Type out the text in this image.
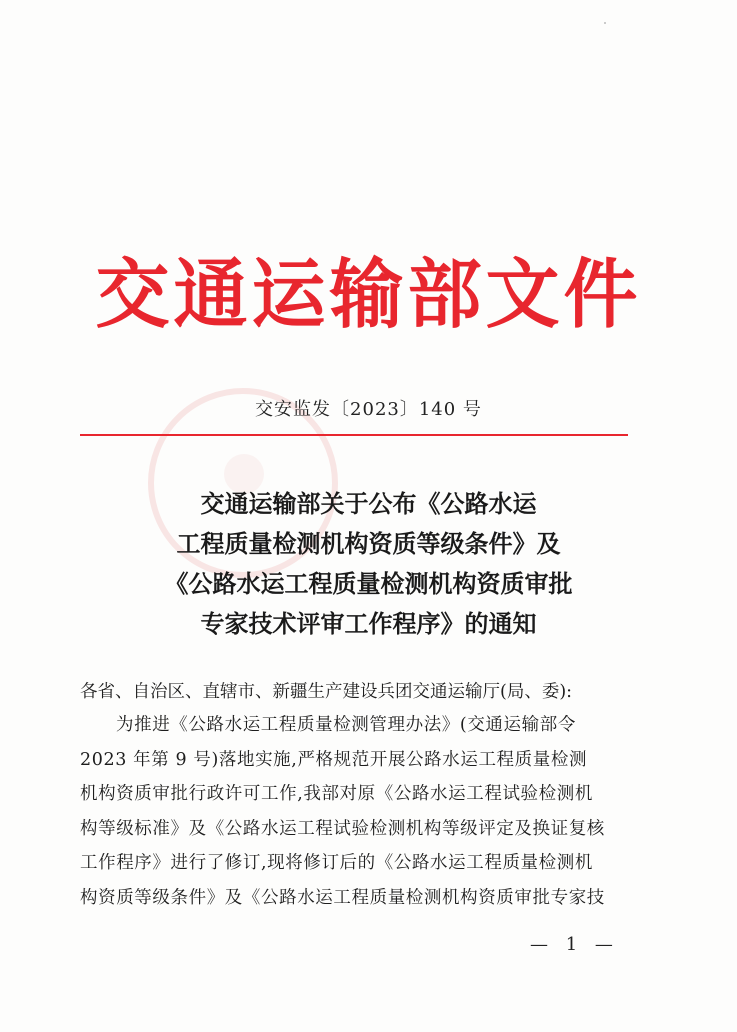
交通运输部文件
交安监发〔2023〕140 号
交通运输部关于公布《公路水运
工程质量检测机构资质等级条件》及
《公路水运工程质量检测机构资质审批
专家技术评审工作程序》的通知
各省、自治区、直辖市、新疆生产建设兵团交通运输厅(局、委):
为推进《公路水运工程质量检测管理办法》(交通运输部令
2023 年第 9 号)落地实施,严格规范开展公路水运工程质量检测
机构资质审批行政许可工作,我部对原《公路水运工程试验检测机
构等级标准》及《公路水运工程试验检测机构等级评定及换证复核
工作程序》进行了修订,现将修订后的《公路水运工程质量检测机
构资质等级条件》及《公路水运工程质量检测机构资质审批专家技
— 1 —
